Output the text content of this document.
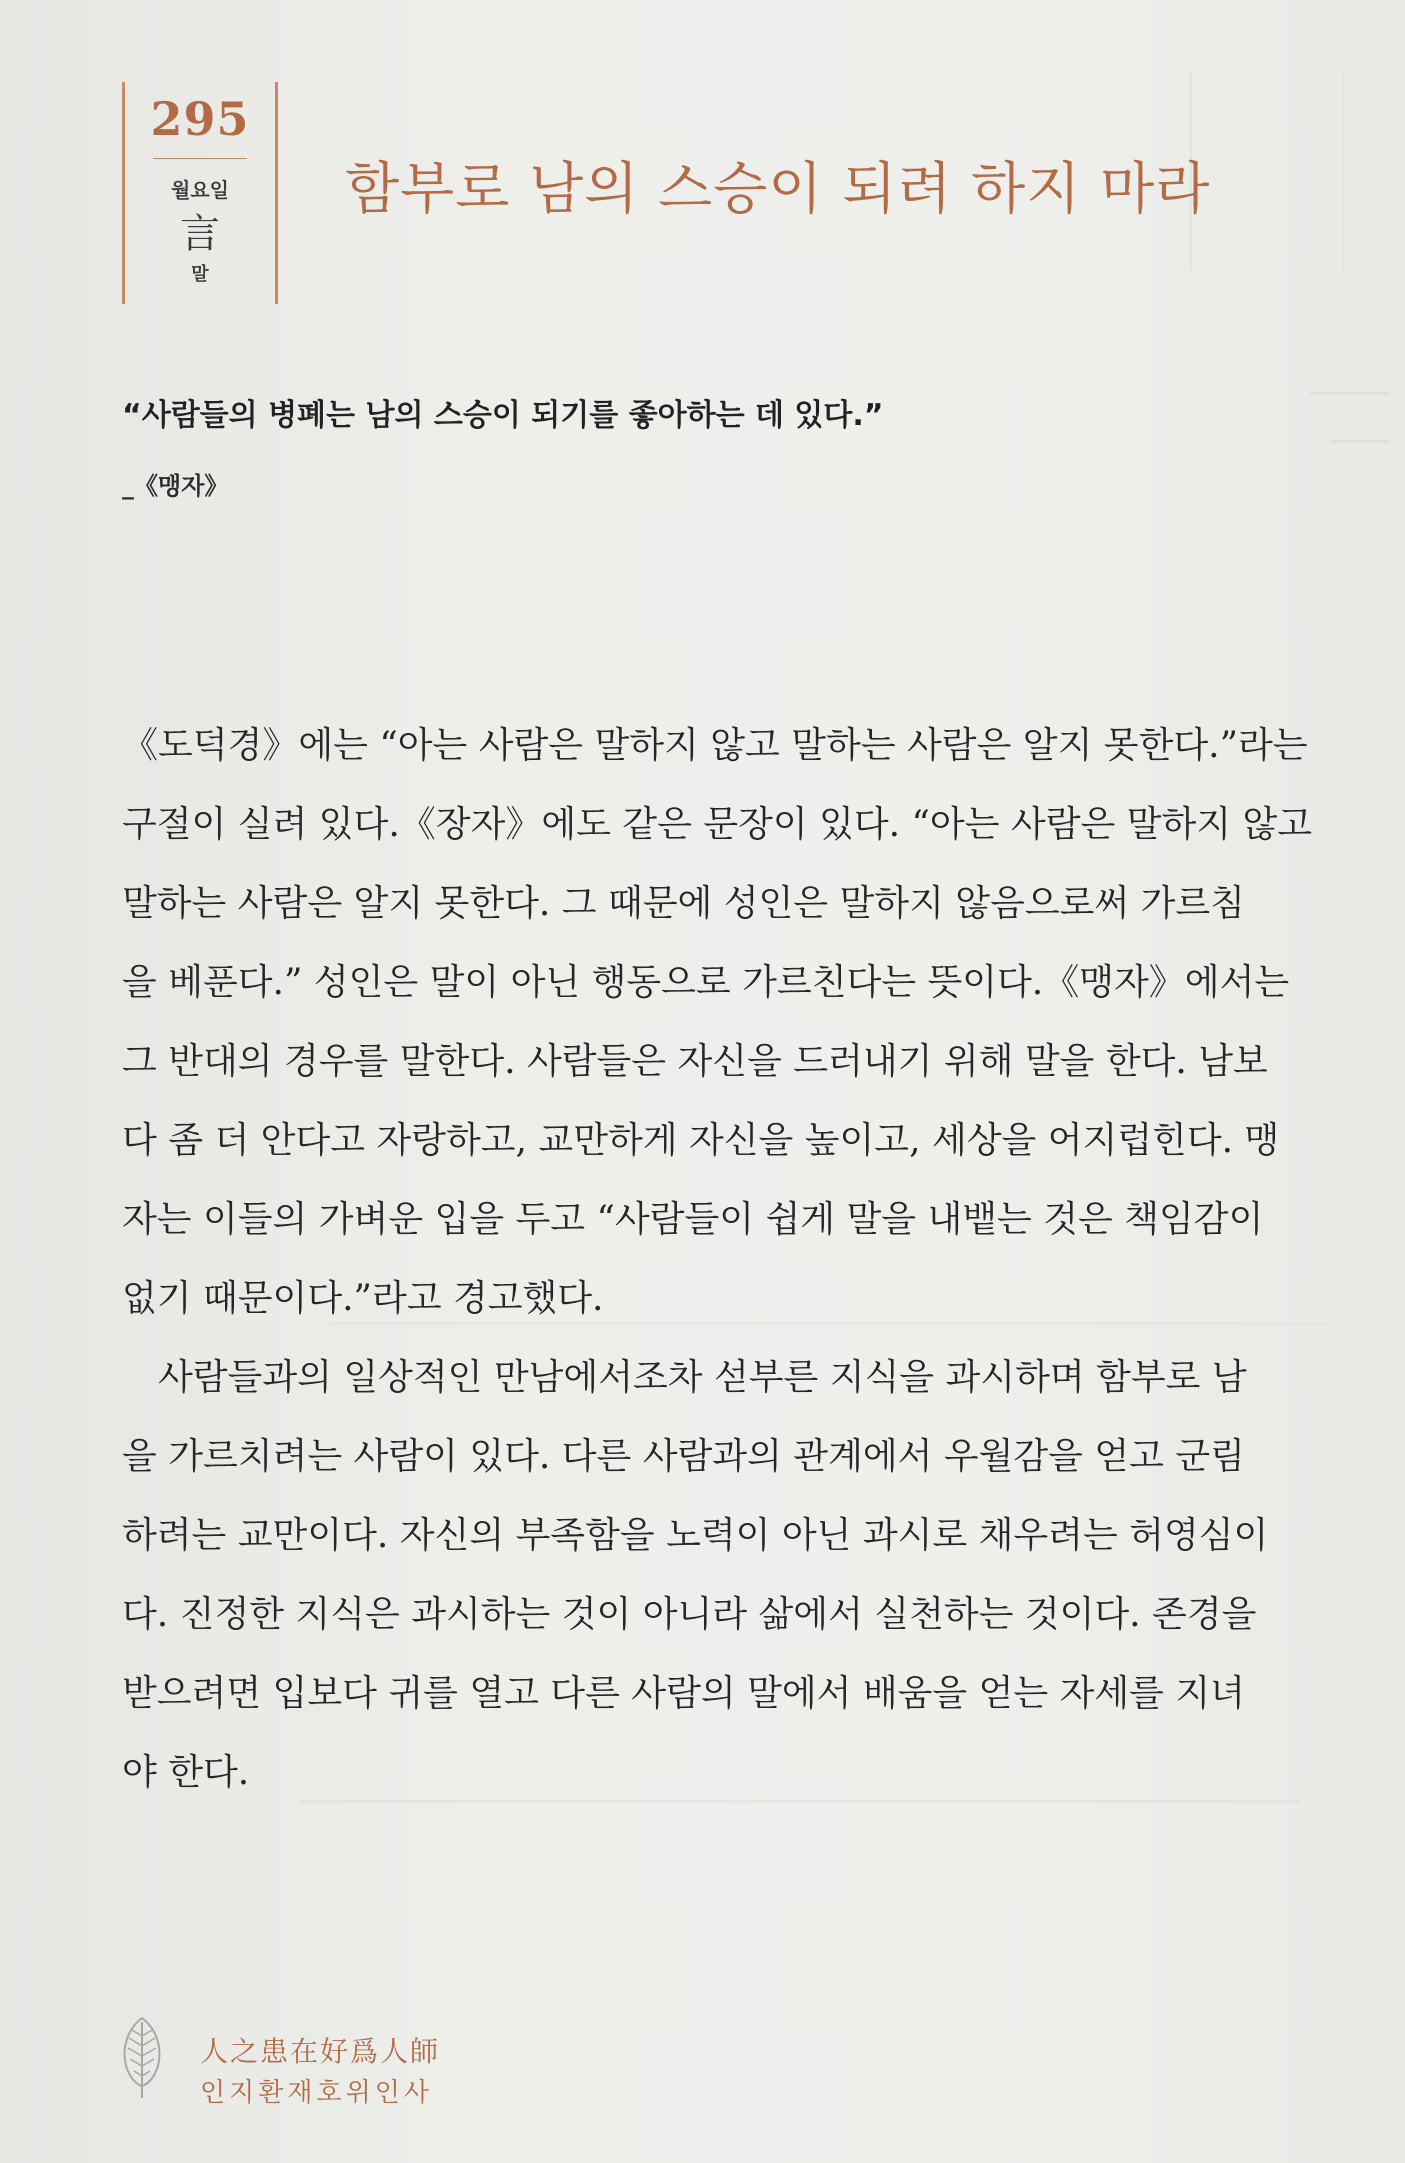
295
월요일
言
말
함부로 남의 스승이 되려 하지 마라
“사람들의 병폐는 남의 스승이 되기를 좋아하는 데 있다.”
_《맹자》

《도덕경》에는 “아는 사람은 말하지 않고 말하는 사람은 알지 못한다.”라는

구절이 실려 있다.《장자》에도 같은 문장이 있다. “아는 사람은 말하지 않고

말하는 사람은 알지 못한다. 그 때문에 성인은 말하지 않음으로써 가르침

을 베푼다.” 성인은 말이 아닌 행동으로 가르친다는 뜻이다.《맹자》에서는

그 반대의 경우를 말한다. 사람들은 자신을 드러내기 위해 말을 한다. 남보

다 좀 더 안다고 자랑하고, 교만하게 자신을 높이고, 세상을 어지럽힌다. 맹

자는 이들의 가벼운 입을 두고 “사람들이 쉽게 말을 내뱉는 것은 책임감이

없기 때문이다.”라고 경고했다.

사람들과의 일상적인 만남에서조차 섣부른 지식을 과시하며 함부로 남

을 가르치려는 사람이 있다. 다른 사람과의 관계에서 우월감을 얻고 군림

하려는 교만이다. 자신의 부족함을 노력이 아닌 과시로 채우려는 허영심이

다. 진정한 지식은 과시하는 것이 아니라 삶에서 실천하는 것이다. 존경을

받으려면 입보다 귀를 열고 다른 사람의 말에서 배움을 얻는 자세를 지녀

야 한다.

人之患在好爲人師
인지환재호위인사
